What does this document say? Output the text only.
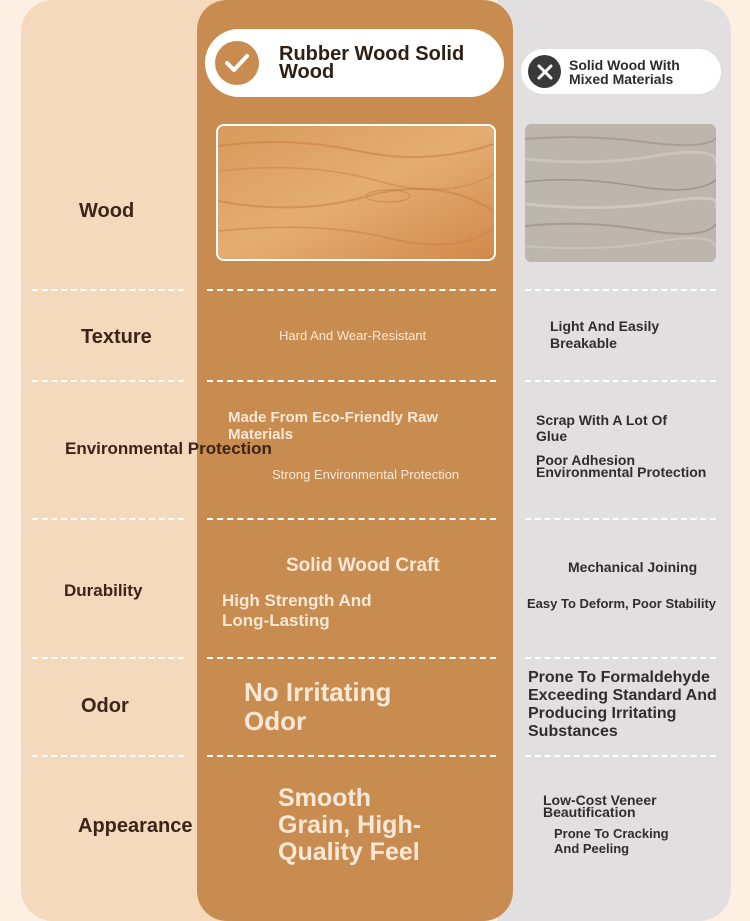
Rubber Wood Solid Wood	Solid Wood With Mixed Materials
Wood
Texture
Environmental Protection
Durability
Odor
Appearance
Hard And Wear-Resistant
Light And Easily Breakable
Made From Eco-Friendly Raw Materials
Strong Environmental Protection
Scrap With A Lot Of Glue
Poor Adhesion Environmental Protection
Solid Wood Craft
High Strength And Long-Lasting
Mechanical Joining
Easy To Deform, Poor Stability
No Irritating Odor
Prone To Formaldehyde Exceeding Standard And Producing Irritating Substances
Smooth Grain, High-Quality Feel
Low-Cost Veneer Beautification
Prone To Cracking And Peeling
